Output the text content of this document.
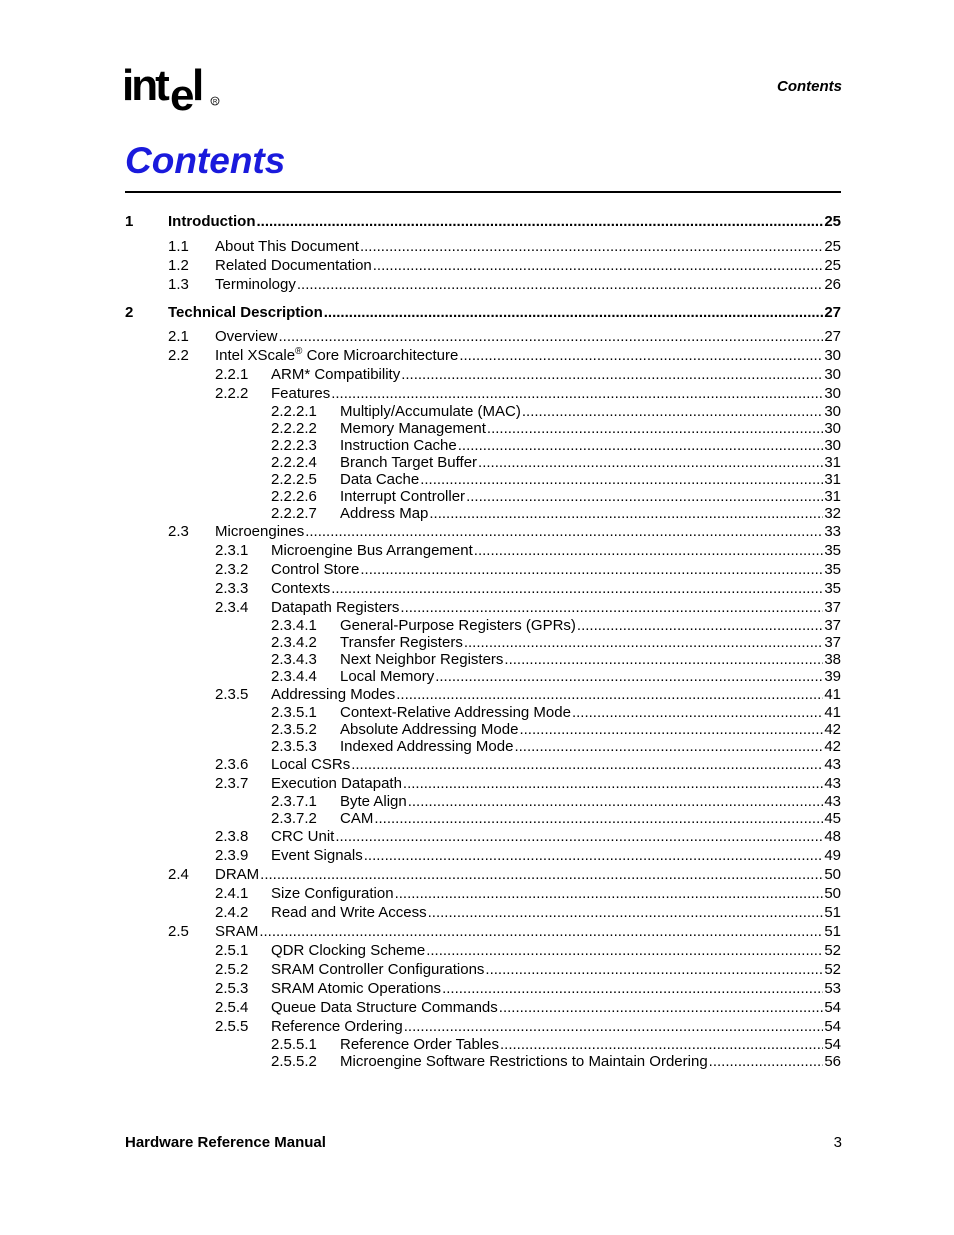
int e l R
Contents
Contents
1 Introduction .....	25
1.1 About This Document .....	25
1.2 Related Documentation .....	25
1.3 Terminology .....	26
2 Technical Description .....	27
2.1 Overview .....	27
2.2 Intel XScale® Core Microarchitecture .....	30
2.2.1 ARM* Compatibility .....	30
2.2.2 Features .....	30
2.2.2.1 Multiply/Accumulate (MAC) .....	30
2.2.2.2 Memory Management .....	30
2.2.2.3 Instruction Cache .....	30
2.2.2.4 Branch Target Buffer .....	31
2.2.2.5 Data Cache .....	31
2.2.2.6 Interrupt Controller .....	31
2.2.2.7 Address Map .....	32
2.3 Microengines .....	33
2.3.1 Microengine Bus Arrangement .....	35
2.3.2 Control Store .....	35
2.3.3 Contexts .....	35
2.3.4 Datapath Registers .....	37
2.3.4.1 General-Purpose Registers (GPRs) .....	37
2.3.4.2 Transfer Registers .....	37
2.3.4.3 Next Neighbor Registers .....	38
2.3.4.4 Local Memory .....	39
2.3.5 Addressing Modes .....	41
2.3.5.1 Context-Relative Addressing Mode .....	41
2.3.5.2 Absolute Addressing Mode .....	42
2.3.5.3 Indexed Addressing Mode .....	42
2.3.6 Local CSRs .....	43
2.3.7 Execution Datapath .....	43
2.3.7.1 Byte Align .....	43
2.3.7.2 CAM .....	45
2.3.8 CRC Unit .....	48
2.3.9 Event Signals .....	49
2.4 DRAM .....	50
2.4.1 Size Configuration .....	50
2.4.2 Read and Write Access .....	51
2.5 SRAM .....	51
2.5.1 QDR Clocking Scheme .....	52
2.5.2 SRAM Controller Configurations .....	52
2.5.3 SRAM Atomic Operations .....	53
2.5.4 Queue Data Structure Commands .....	54
2.5.5 Reference Ordering .....	54
2.5.5.1 Reference Order Tables .....	54
2.5.5.2 Microengine Software Restrictions to Maintain Ordering .....	56
Hardware Reference Manual	3
